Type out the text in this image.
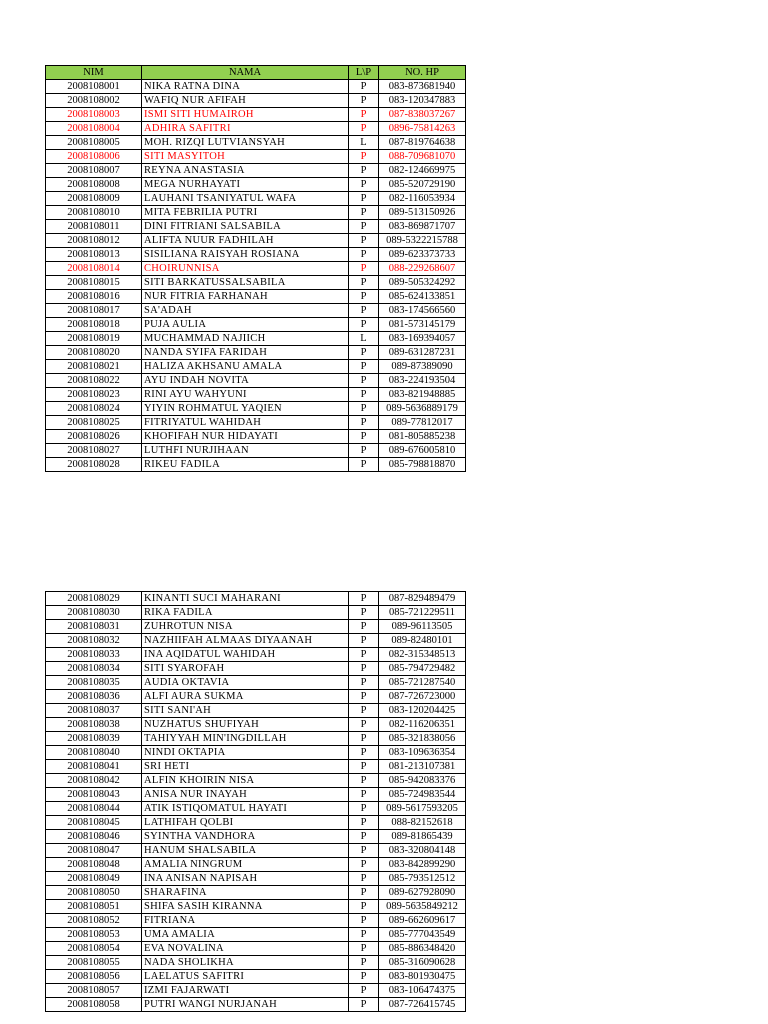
NIM	NAMA	L\P	NO. HP
2008108001	NIKA RATNA DINA	P	083-873681940
2008108002	WAFIQ NUR AFIFAH	P	083-120347883
2008108003	ISMI SITI HUMAIROH	P	087-838037267
2008108004	ADHIRA SAFITRI	P	0896-75814263
2008108005	MOH. RIZQI LUTVIANSYAH	L	087-819764638
2008108006	SITI MASYITOH	P	088-709681070
2008108007	REYNA ANASTASIA	P	082-124669975
2008108008	MEGA NURHAYATI	P	085-520729190
2008108009	LAUHANI TSANIYATUL WAFA	P	082-116053934
2008108010	MITA FEBRILIA PUTRI	P	089-513150926
2008108011	DINI FITRIANI SALSABILA	P	083-869871707
2008108012	ALIFTA NUUR FADHILAH	P	089-5322215788
2008108013	SISILIANA RAISYAH ROSIANA	P	089-623373733
2008108014	CHOIRUNNISA	P	088-229268607
2008108015	SITI BARKATUSSALSABILA	P	089-505324292
2008108016	NUR FITRIA FARHANAH	P	085-624133851
2008108017	SA'ADAH	P	083-174566560
2008108018	PUJA AULIA	P	081-573145179
2008108019	MUCHAMMAD NAJIICH	L	083-169394057
2008108020	NANDA SYIFA FARIDAH	P	089-631287231
2008108021	HALIZA AKHSANU AMALA	P	089-87389090
2008108022	AYU INDAH NOVITA	P	083-224193504
2008108023	RINI AYU WAHYUNI	P	083-821948885
2008108024	YIYIN ROHMATUL YAQIEN	P	089-5636889179
2008108025	FITRIYATUL WAHIDAH	P	089-77812017
2008108026	KHOFIFAH NUR HIDAYATI	P	081-805885238
2008108027	LUTHFI NURJIHAAN	P	089-676005810
2008108028	RIKEU FADILA	P	085-798818870
2008108029	KINANTI SUCI MAHARANI	P	087-829489479
2008108030	RIKA FADILA	P	085-721229511
2008108031	ZUHROTUN NISA	P	089-96113505
2008108032	NAZHIIFAH ALMAAS DIYAANAH	P	089-82480101
2008108033	INA AQIDATUL WAHIDAH	P	082-315348513
2008108034	SITI SYAROFAH	P	085-794729482
2008108035	AUDIA OKTAVIA	P	085-721287540
2008108036	ALFI AURA SUKMA	P	087-726723000
2008108037	SITI SANI'AH	P	083-120204425
2008108038	NUZHATUS SHUFIYAH	P	082-116206351
2008108039	TAHIYYAH MIN'INGDILLAH	P	085-321838056
2008108040	NINDI OKTAPIA	P	083-109636354
2008108041	SRI HETI	P	081-213107381
2008108042	ALFIN KHOIRIN NISA	P	085-942083376
2008108043	ANISA NUR INAYAH	P	085-724983544
2008108044	ATIK ISTIQOMATUL HAYATI	P	089-5617593205
2008108045	LATHIFAH QOLBI	P	088-82152618
2008108046	SYINTHA VANDHORA	P	089-81865439
2008108047	HANUM SHALSABILA	P	083-320804148
2008108048	AMALIA NINGRUM	P	083-842899290
2008108049	INA ANISAN NAPISAH	P	085-793512512
2008108050	SHARAFINA	P	089-627928090
2008108051	SHIFA SASIH KIRANNA	P	089-5635849212
2008108052	FITRIANA	P	089-662609617
2008108053	UMA AMALIA	P	085-777043549
2008108054	EVA NOVALINA	P	085-886348420
2008108055	NADA SHOLIKHA	P	085-316090628
2008108056	LAELATUS SAFITRI	P	083-801930475
2008108057	IZMI FAJARWATI	P	083-106474375
2008108058	PUTRI WANGI NURJANAH	P	087-726415745
